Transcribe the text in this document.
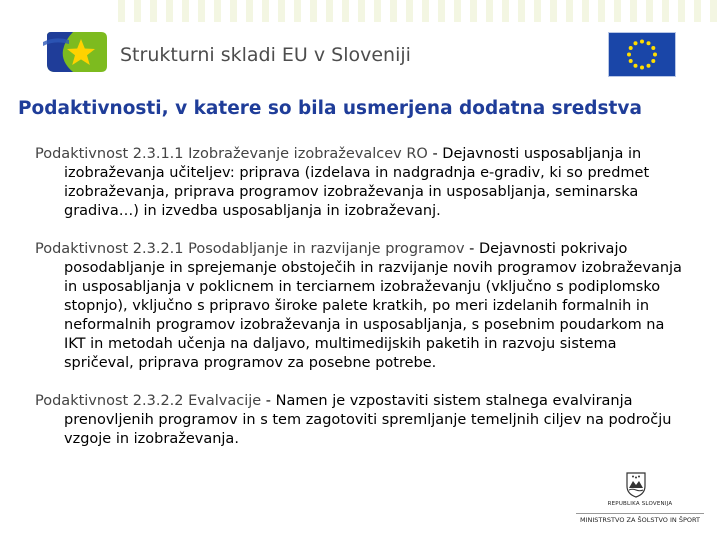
Strukturni skladi EU v Sloveniji
Podaktivnosti, v katere so bila usmerjena dodatna sredstva

Podaktivnost 2.3.1.1 Izobraževanje izobraževalcev RO - Dejavnosti usposabljanja in izobraževanja učiteljev: priprava (izdelava in nadgradnja e-gradiv, ki so predmet izobraževanja, priprava programov izobraževanja in usposabljanja, seminarska gradiva…) in izvedba usposabljanja in izobraževanj.

Podaktivnost 2.3.2.1 Posodabljanje in razvijanje programov - Dejavnosti pokrivajo posodabljanje in sprejemanje obstoječih in razvijanje novih programov izobraževanja in usposabljanja v poklicnem in terciarnem izobraževanju (vključno s podiplomsko stopnjo), vključno s pripravo široke palete kratkih, po meri izdelanih formalnih in neformalnih programov izobraževanja in usposabljanja, s posebnim poudarkom na IKT in metodah učenja na daljavo, multimedijskih paketih in razvoju sistema spričeval, priprava programov za posebne potrebe.

Podaktivnost 2.3.2.2 Evalvacije - Namen je vzpostaviti sistem stalnega evalviranja prenovljenih programov in s tem zagotoviti spremljanje temeljnih ciljev na področju vzgoje in izobraževanja.

REPUBLIKA SLOVENIJA
MINISTRSTVO ZA ŠOLSTVO IN ŠPORT
